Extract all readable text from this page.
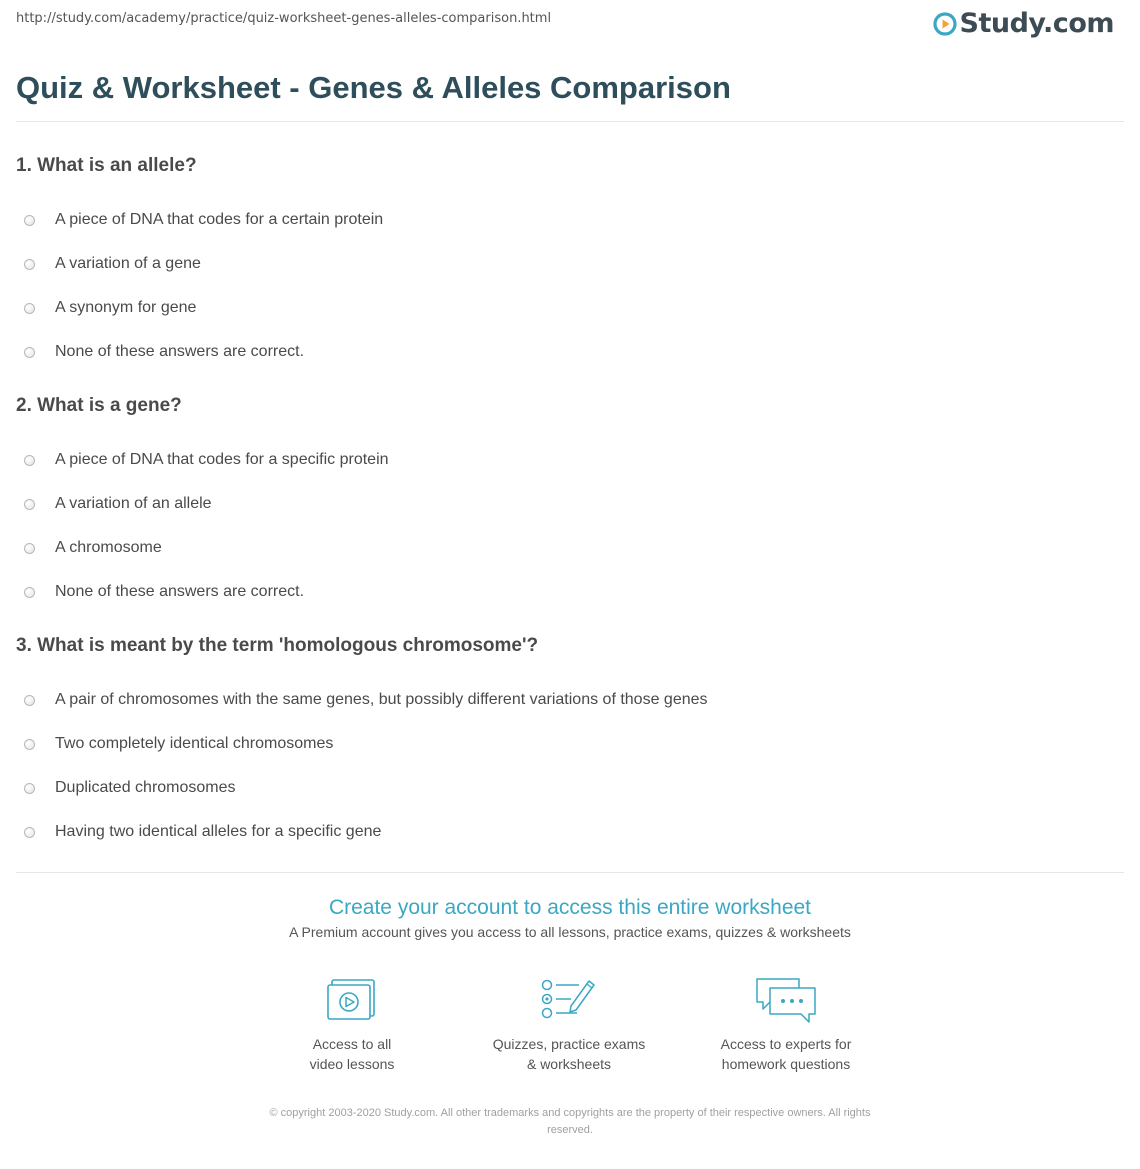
http://study.com/academy/practice/quiz-worksheet-genes-alleles-comparison.html	Study.com
Quiz & Worksheet - Genes & Alleles Comparison
1. What is an allele?
A piece of DNA that codes for a certain protein
A variation of a gene
A synonym for gene
None of these answers are correct.
2. What is a gene?
A piece of DNA that codes for a specific protein
A variation of an allele
A chromosome
None of these answers are correct.
3. What is meant by the term 'homologous chromosome'?
A pair of chromosomes with the same genes, but possibly different variations of those genes
Two completely identical chromosomes
Duplicated chromosomes
Having two identical alleles for a specific gene
Create your account to access this entire worksheet
A Premium account gives you access to all lessons, practice exams, quizzes & worksheets
Access to all
video lessons
Quizzes, practice exams
& worksheets
Access to experts for
homework questions
© copyright 2003-2020 Study.com. All other trademarks and copyrights are the property of their respective owners. All rights
reserved.
